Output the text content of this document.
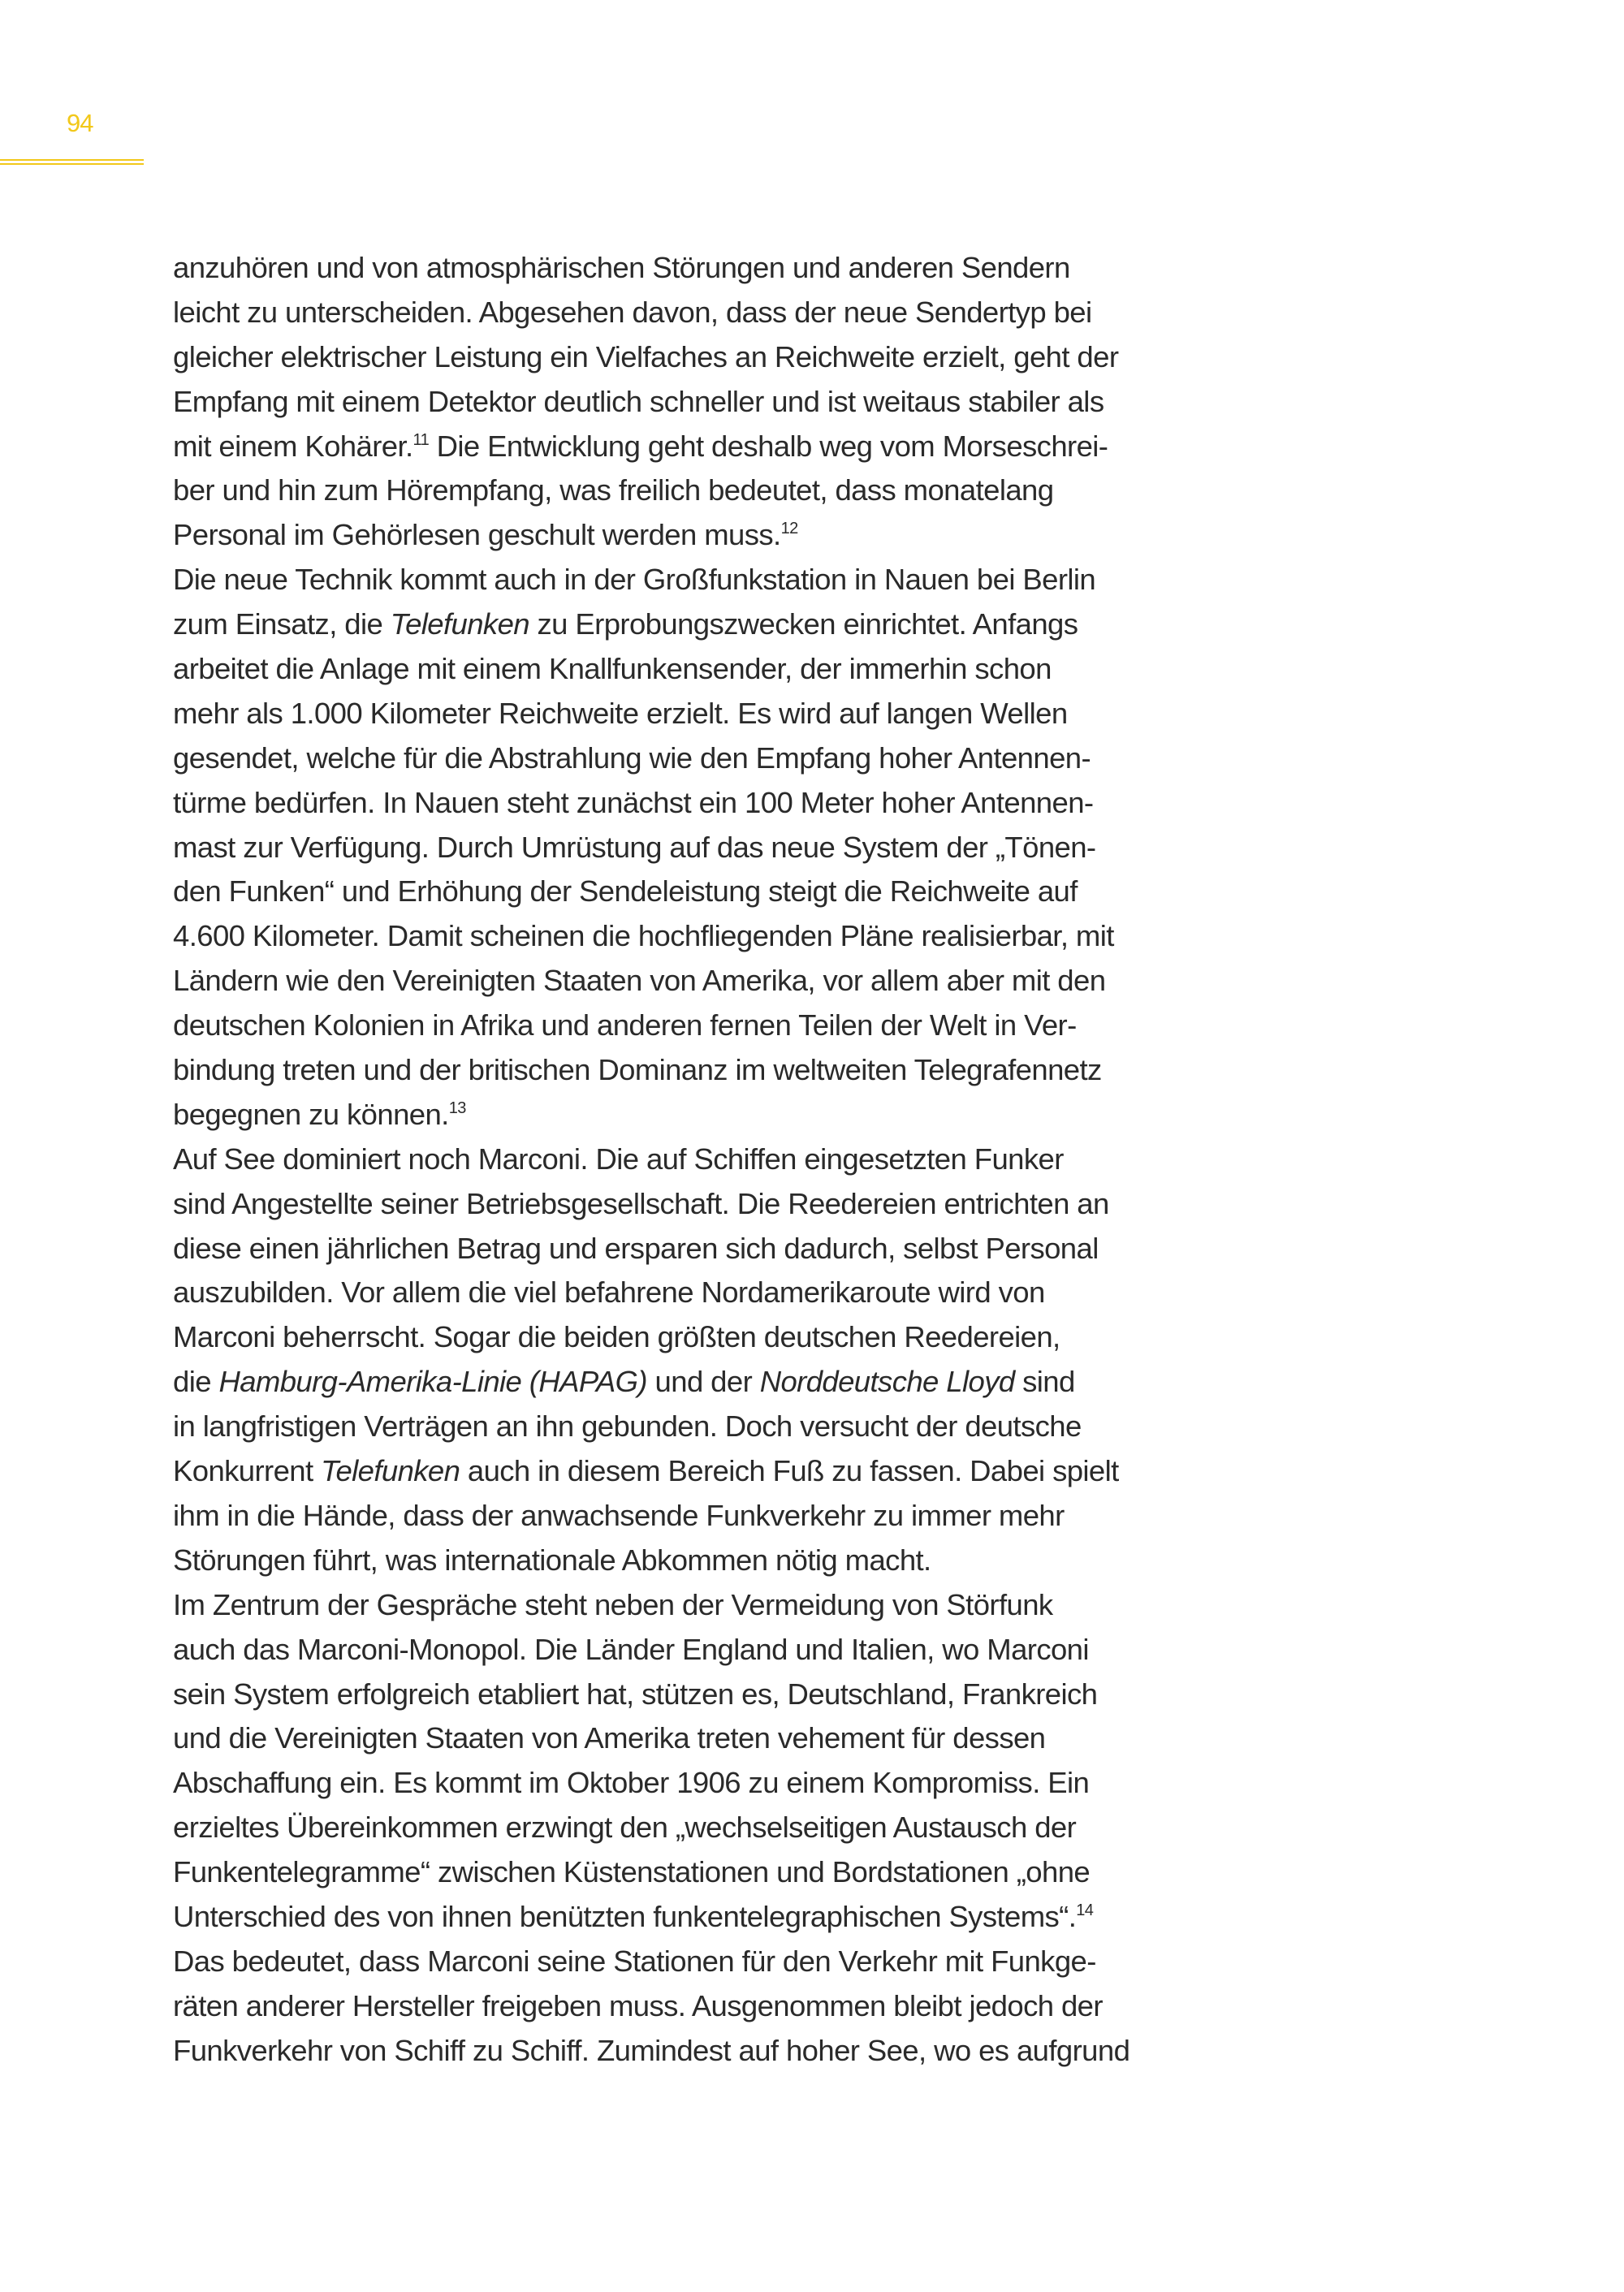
94
anzuhören und von atmosphärischen Störungen und anderen Sendern
leicht zu unterscheiden. Abgesehen davon, dass der neue Sendertyp bei
gleicher elektrischer Leistung ein Vielfaches an Reichweite erzielt, geht der
Empfang mit einem Detektor deutlich schneller und ist weitaus stabiler als
mit einem Kohärer.$^{11}$ Die Entwicklung geht deshalb weg vom Morseschrei-
ber und hin zum Hörempfang, was freilich bedeutet, dass monatelang
Personal im Gehörlesen geschult werden muss.$^{12}$
Die neue Technik kommt auch in der Großfunkstation in Nauen bei Berlin
zum Einsatz, die Telefunken zu Erprobungszwecken einrichtet. Anfangs
arbeitet die Anlage mit einem Knallfunkensender, der immerhin schon
mehr als 1.000 Kilometer Reichweite erzielt. Es wird auf langen Wellen
gesendet, welche für die Abstrahlung wie den Empfang hoher Antennen-
türme bedürfen. In Nauen steht zunächst ein 100 Meter hoher Antennen-
mast zur Verfügung. Durch Umrüstung auf das neue System der „Tönen-
den Funken“ und Erhöhung der Sendeleistung steigt die Reichweite auf
4.600 Kilometer. Damit scheinen die hochfliegenden Pläne realisierbar, mit
Ländern wie den Vereinigten Staaten von Amerika, vor allem aber mit den
deutschen Kolonien in Afrika und anderen fernen Teilen der Welt in Ver-
bindung treten und der britischen Dominanz im weltweiten Telegrafennetz
begegnen zu können.$^{13}$
Auf See dominiert noch Marconi. Die auf Schiffen eingesetzten Funker
sind Angestellte seiner Betriebsgesellschaft. Die Reedereien entrichten an
diese einen jährlichen Betrag und ersparen sich dadurch, selbst Personal
auszubilden. Vor allem die viel befahrene Nordamerikaroute wird von
Marconi beherrscht. Sogar die beiden größten deutschen Reedereien,
die Hamburg-Amerika-Linie (HAPAG) und der Norddeutsche Lloyd sind
in langfristigen Verträgen an ihn gebunden. Doch versucht der deutsche
Konkurrent Telefunken auch in diesem Bereich Fuß zu fassen. Dabei spielt
ihm in die Hände, dass der anwachsende Funkverkehr zu immer mehr
Störungen führt, was internationale Abkommen nötig macht.
Im Zentrum der Gespräche steht neben der Vermeidung von Störfunk
auch das Marconi-Monopol. Die Länder England und Italien, wo Marconi
sein System erfolgreich etabliert hat, stützen es, Deutschland, Frankreich
und die Vereinigten Staaten von Amerika treten vehement für dessen
Abschaffung ein. Es kommt im Oktober 1906 zu einem Kompromiss. Ein
erzieltes Übereinkommen erzwingt den „wechselseitigen Austausch der
Funkentelegramme“ zwischen Küstenstationen und Bordstationen „ohne
Unterschied des von ihnen benützten funkentelegraphischen Systems“.$^{14}$
Das bedeutet, dass Marconi seine Stationen für den Verkehr mit Funkge-
räten anderer Hersteller freigeben muss. Ausgenommen bleibt jedoch der
Funkverkehr von Schiff zu Schiff. Zumindest auf hoher See, wo es aufgrund
